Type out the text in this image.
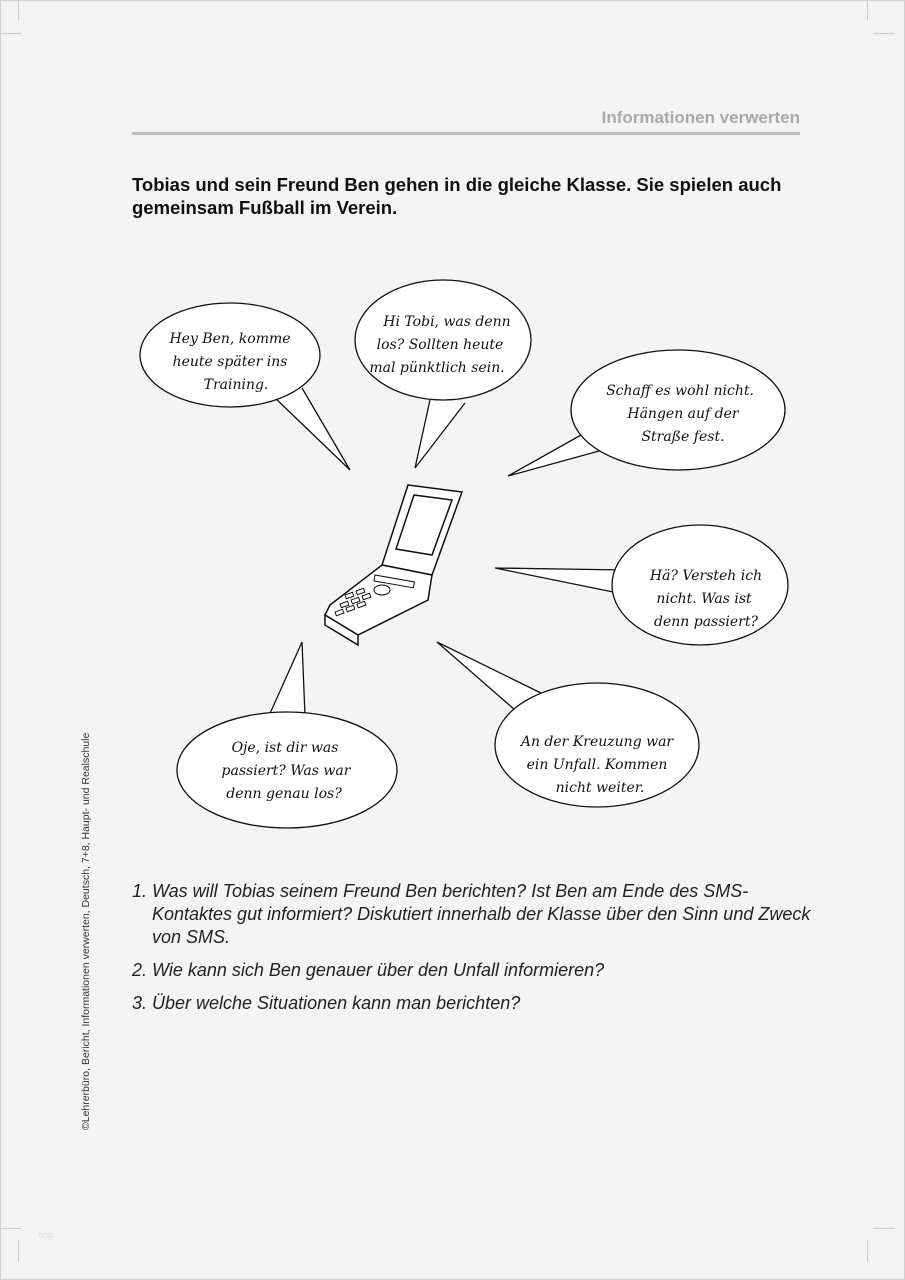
Informationen verwerten
Tobias und sein Freund Ben gehen in die gleiche Klasse. Sie spielen auch gemeinsam Fußball im Verein.
Hey Ben, komme
heute später ins
Training.
Hi Tobi, was denn
los? Sollten heute
mal pünktlich sein.
Schaff es wohl nicht.
Hängen auf der
Straße fest.
Hä? Versteh ich
nicht. Was ist
denn passiert?
Oje, ist dir was
passiert? Was war
denn genau los?
An der Kreuzung war
ein Unfall. Kommen
nicht weiter.
1. Was will Tobias seinem Freund Ben berichten? Ist Ben am Ende des SMS-Kontaktes gut informiert? Diskutiert innerhalb der Klasse über den Sinn und Zweck von SMS.
2. Wie kann sich Ben genauer über den Unfall informieren?
3. Über welche Situationen kann man berichten?
©Lehrerbüro, Bericht, Informationen verwerten, Deutsch, 7+8, Haupt- und Realschule
bog
